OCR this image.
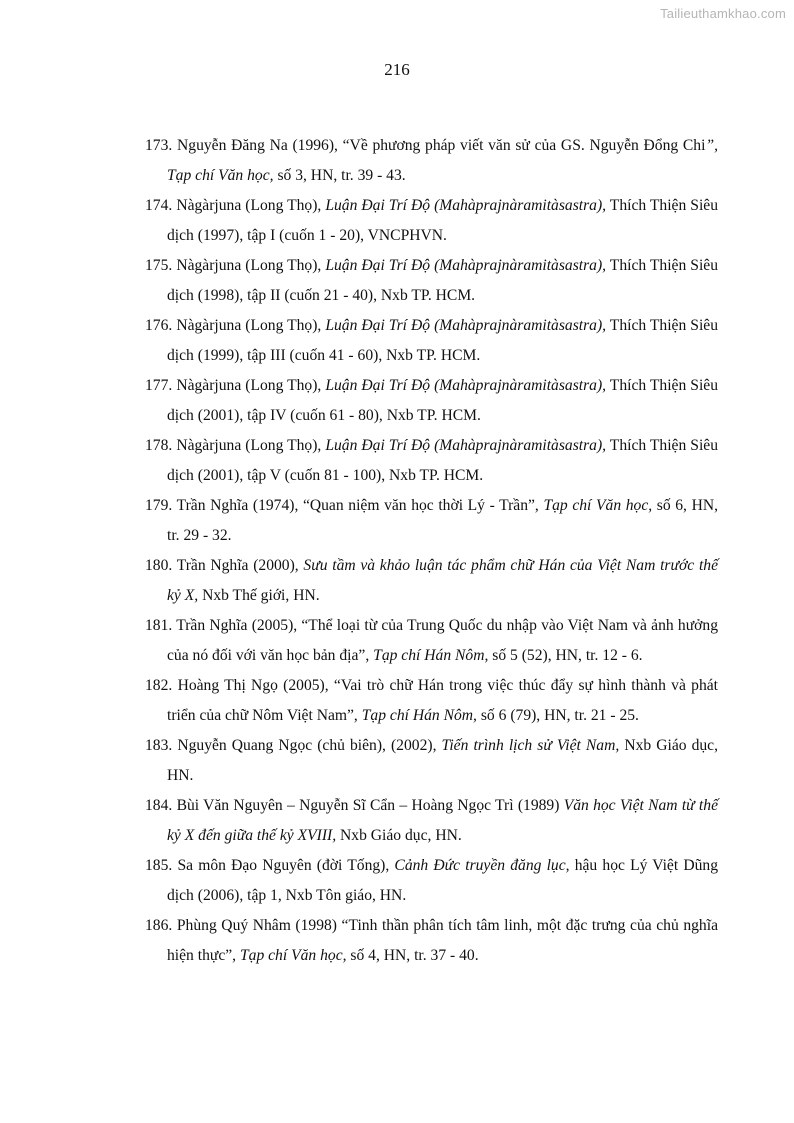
Tailieuthamkhao.com
216
173. Nguyễn Đăng Na (1996), “Về phương pháp viết văn sử của GS. Nguyễn Đổng Chi”, Tạp chí Văn học, số 3, HN, tr. 39 - 43.
174. Nàgàrjuna (Long Thọ), Luận Đại Trí Độ (Mahàprajnàramitàsastra), Thích Thiện Siêu dịch (1997), tập I (cuốn 1 - 20), VNCPHVN.
175. Nàgàrjuna (Long Thọ), Luận Đại Trí Độ (Mahàprajnàramitàsastra), Thích Thiện Siêu dịch (1998), tập II (cuốn 21 - 40), Nxb TP. HCM.
176. Nàgàrjuna (Long Thọ), Luận Đại Trí Độ (Mahàprajnàramitàsastra), Thích Thiện Siêu dịch (1999), tập III (cuốn 41 - 60), Nxb TP. HCM.
177. Nàgàrjuna (Long Thọ), Luận Đại Trí Độ (Mahàprajnàramitàsastra), Thích Thiện Siêu dịch (2001), tập IV (cuốn 61 - 80), Nxb TP. HCM.
178. Nàgàrjuna (Long Thọ), Luận Đại Trí Độ (Mahàprajnàramitàsastra), Thích Thiện Siêu dịch (2001), tập V (cuốn 81 - 100), Nxb TP. HCM.
179. Trần Nghĩa (1974), “Quan niệm văn học thời Lý - Trần”, Tạp chí Văn học, số 6, HN, tr. 29 - 32.
180. Trần Nghĩa (2000), Sưu tầm và khảo luận tác phẩm chữ Hán của Việt Nam trước thế kỷ X, Nxb Thế giới, HN.
181. Trần Nghĩa (2005), “Thể loại từ của Trung Quốc du nhập vào Việt Nam và ảnh hưởng của nó đối với văn học bản địa”, Tạp chí Hán Nôm, số 5 (52), HN, tr. 12 - 6.
182. Hoàng Thị Ngọ (2005), “Vai trò chữ Hán trong việc thúc đẩy sự hình thành và phát triển của chữ Nôm Việt Nam”, Tạp chí Hán Nôm, số 6 (79), HN, tr. 21 - 25.
183. Nguyễn Quang Ngọc (chủ biên), (2002), Tiến trình lịch sử Việt Nam, Nxb Giáo dục, HN.
184. Bùi Văn Nguyên – Nguyễn Sĩ Cẩn – Hoàng Ngọc Trì (1989) Văn học Việt Nam từ thế kỷ X đến giữa thế kỷ XVIII, Nxb Giáo dục, HN.
185. Sa môn Đạo Nguyên (đời Tống), Cảnh Đức truyền đăng lục, hậu học Lý Việt Dũng dịch (2006), tập 1, Nxb Tôn giáo, HN.
186. Phùng Quý Nhâm (1998) “Tinh thần phân tích tâm linh, một đặc trưng của chủ nghĩa hiện thực”, Tạp chí Văn học, số 4, HN, tr. 37 - 40.
